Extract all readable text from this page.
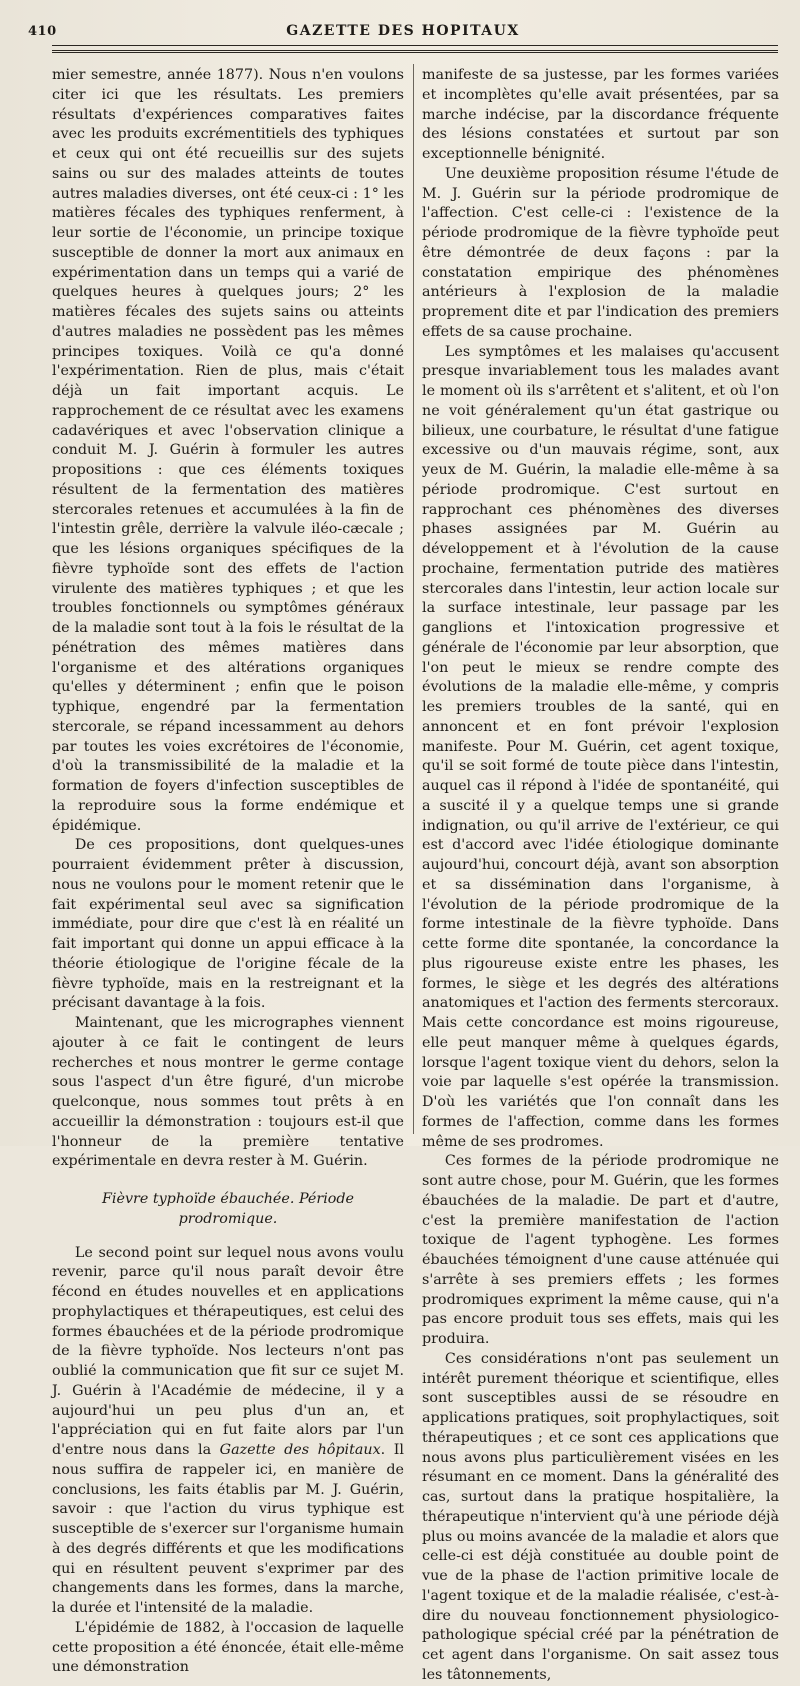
410	GAZETTE DES HOPITAUX

mier semestre, année 1877). Nous n'en voulons citer ici que les résultats. Les premiers résultats d'expériences comparatives faites avec les produits excrémentitiels des typhiques et ceux qui ont été recueillis sur des sujets sains ou sur des malades atteints de toutes autres maladies diverses, ont été ceux-ci : 1° les matières fécales des typhiques renferment, à leur sortie de l'économie, un principe toxique susceptible de donner la mort aux animaux en expérimentation dans un temps qui a varié de quelques heures à quelques jours; 2° les matières fécales des sujets sains ou atteints d'autres maladies ne possèdent pas les mêmes principes toxiques. Voilà ce qu'a donné l'expérimentation. Rien de plus, mais c'était déjà un fait important acquis. Le rapprochement de ce résultat avec les examens cadavériques et avec l'observation clinique a conduit M. J. Guérin à formuler les autres propositions : que ces éléments toxiques résultent de la fermentation des matières stercorales retenues et accumulées à la fin de l'intestin grêle, derrière la valvule iléo-cæcale ; que les lésions organiques spécifiques de la fièvre typhoïde sont des effets de l'action virulente des matières typhiques ; et que les troubles fonctionnels ou symptômes généraux de la maladie sont tout à la fois le résultat de la pénétration des mêmes matières dans l'organisme et des altérations organiques qu'elles y déterminent ; enfin que le poison typhique, engendré par la fermentation stercorale, se répand incessamment au dehors par toutes les voies excrétoires de l'économie, d'où la transmissibilité de la maladie et la formation de foyers d'infection susceptibles de la reproduire sous la forme endémique et épidémique.

De ces propositions, dont quelques-unes pourraient évidemment prêter à discussion, nous ne voulons pour le moment retenir que le fait expérimental seul avec sa signification immédiate, pour dire que c'est là en réalité un fait important qui donne un appui efficace à la théorie étiologique de l'origine fécale de la fièvre typhoïde, mais en la restreignant et la précisant davantage à la fois.

Maintenant, que les micrographes viennent ajouter à ce fait le contingent de leurs recherches et nous montrer le germe contage sous l'aspect d'un être figuré, d'un microbe quelconque, nous sommes tout prêts à en accueillir la démonstration : toujours est-il que l'honneur de la première tentative expérimentale en devra rester à M. Guérin.

Fièvre typhoïde ébauchée. Période prodromique.

Le second point sur lequel nous avons voulu revenir, parce qu'il nous paraît devoir être fécond en études nouvelles et en applications prophylactiques et thérapeutiques, est celui des formes ébauchées et de la période prodromique de la fièvre typhoïde. Nos lecteurs n'ont pas oublié la communication que fit sur ce sujet M. J. Guérin à l'Académie de médecine, il y a aujourd'hui un peu plus d'un an, et l'appréciation qui en fut faite alors par l'un d'entre nous dans la Gazette des hôpitaux. Il nous suffira de rappeler ici, en manière de conclusions, les faits établis par M. J. Guérin, savoir : que l'action du virus typhique est susceptible de s'exercer sur l'organisme humain à des degrés différents et que les modifications qui en résultent peuvent s'exprimer par des changements dans les formes, dans la marche, la durée et l'intensité de la maladie.

L'épidémie de 1882, à l'occasion de laquelle cette proposition a été énoncée, était elle-même une démonstration

manifeste de sa justesse, par les formes variées et incomplètes qu'elle avait présentées, par sa marche indécise, par la discordance fréquente des lésions constatées et surtout par son exceptionnelle bénignité.

Une deuxième proposition résume l'étude de M. J. Guérin sur la période prodromique de l'affection. C'est celle-ci : l'existence de la période prodromique de la fièvre typhoïde peut être démontrée de deux façons : par la constatation empirique des phénomènes antérieurs à l'explosion de la maladie proprement dite et par l'indication des premiers effets de sa cause prochaine.

Les symptômes et les malaises qu'accusent presque invariablement tous les malades avant le moment où ils s'arrêtent et s'alitent, et où l'on ne voit généralement qu'un état gastrique ou bilieux, une courbature, le résultat d'une fatigue excessive ou d'un mauvais régime, sont, aux yeux de M. Guérin, la maladie elle-même à sa période prodromique. C'est surtout en rapprochant ces phénomènes des diverses phases assignées par M. Guérin au développement et à l'évolution de la cause prochaine, fermentation putride des matières stercorales dans l'intestin, leur action locale sur la surface intestinale, leur passage par les ganglions et l'intoxication progressive et générale de l'économie par leur absorption, que l'on peut le mieux se rendre compte des évolutions de la maladie elle-même, y compris les premiers troubles de la santé, qui en annoncent et en font prévoir l'explosion manifeste. Pour M. Guérin, cet agent toxique, qu'il se soit formé de toute pièce dans l'intestin, auquel cas il répond à l'idée de spontanéité, qui a suscité il y a quelque temps une si grande indignation, ou qu'il arrive de l'extérieur, ce qui est d'accord avec l'idée étiologique dominante aujourd'hui, concourt déjà, avant son absorption et sa dissémination dans l'organisme, à l'évolution de la période prodromique de la forme intestinale de la fièvre typhoïde. Dans cette forme dite spontanée, la concordance la plus rigoureuse existe entre les phases, les formes, le siège et les degrés des altérations anatomiques et l'action des ferments stercoraux. Mais cette concordance est moins rigoureuse, elle peut manquer même à quelques égards, lorsque l'agent toxique vient du dehors, selon la voie par laquelle s'est opérée la transmission. D'où les variétés que l'on connaît dans les formes de l'affection, comme dans les formes même de ses prodromes.

Ces formes de la période prodromique ne sont autre chose, pour M. Guérin, que les formes ébauchées de la maladie. De part et d'autre, c'est la première manifestation de l'action toxique de l'agent typhogène. Les formes ébauchées témoignent d'une cause atténuée qui s'arrête à ses premiers effets ; les formes prodromiques expriment la même cause, qui n'a pas encore produit tous ses effets, mais qui les produira.

Ces considérations n'ont pas seulement un intérêt purement théorique et scientifique, elles sont susceptibles aussi de se résoudre en applications pratiques, soit prophylactiques, soit thérapeutiques ; et ce sont ces applications que nous avons plus particulièrement visées en les résumant en ce moment. Dans la généralité des cas, surtout dans la pratique hospitalière, la thérapeutique n'intervient qu'à une période déjà plus ou moins avancée de la maladie et alors que celle-ci est déjà constituée au double point de vue de la phase de l'action primitive locale de l'agent toxique et de la maladie réalisée, c'est-à-dire du nouveau fonctionnement physiologico-pathologique spécial créé par la pénétration de cet agent dans l'organisme. On sait assez tous les tâtonnements,
